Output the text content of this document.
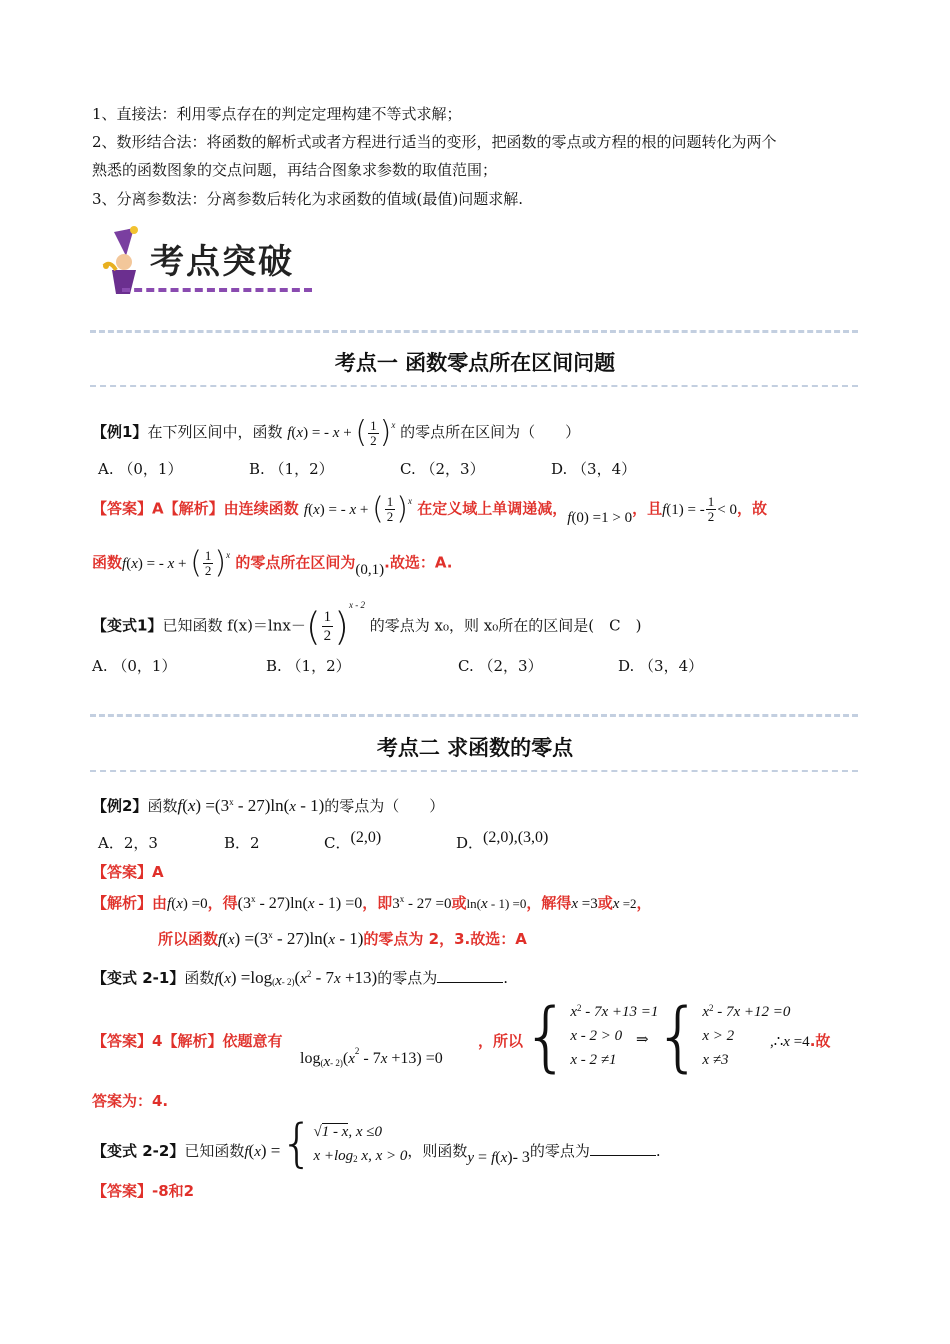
1、直接法：利用零点存在的判定定理构建不等式求解；
2、数形结合法：将函数的解析式或者方程进行适当的变形，把函数的零点或方程的根的问题转化为两个
熟悉的函数图象的交点问题，再结合图象求参数的取值范围；
3、分离参数法：分离参数后转化为求函数的值域(最值)问题求解.
考点突破
考点一 函数零点所在区间问题
【例1】在下列区间中，函数 f(x) = - x + ( $\frac{1}{2} )^x$ 的零点所在区间为（　　）
A. （0，1）	B. （1，2）	C. （2，3）	D. （3，4）
【答案】A【解析】由连续函数 f(x) = - x + ( $\frac{1}{2} )^x$ 在定义域上单调递减，f(0) =1 > 0，且f(1) = - $\frac{1}{2} < 0$，故
函数f(x) = - x + ( $\frac{1}{2} )^x$ 的零点所在区间为(0,1).故选：A.
【变式1】已知函数 $f(x)=\ln x-( \frac{1}{2} )^{x - 2}$ 的零点为 x₀，则 x₀所在的区间是(　C　)
A. （0，1）	B. （1，2）	C. （2，3）	D. （3，4）
考点二 求函数的零点
【例2】函数$f(x) =(3^x - 27)\ln(x - 1)$的零点为（　　）
A．2，3	B．2	C．(2,0)	D．(2,0),(3,0)
【答案】A
【解析】由f(x) =0，得(3$^x$ - 27)ln(x - 1) =0，即3$^x$ - 27 =0或ln(x - 1) =0，解得x =3或x =2，
所以函数$f(x) =(3^x - 27)\ln(x - 1)$的零点为 2，3.故选：A
【变式 2-1】函数f(x) =log(x- $2)(x^2 - 7x +13)$的零点为	.
【答案】4【解析】依题意有
log(x- $2)(x^2 - 7x +13) =0$
，所以
{ $x^2 - 7x +13 =1$
x - 2 > 0
x - 2 ≠1
⇒ { $x^2 - 7x +12 =0$
x > 2
x ≠3
,∴x =4.故
答案为：4.
【变式 2-2】已知函数f(x) ={ √1 - x, x ≤0
$x +\log_2$ x, x > 0 ，则函数y = f(x)- 3的零点为	.
【答案】-8和2
